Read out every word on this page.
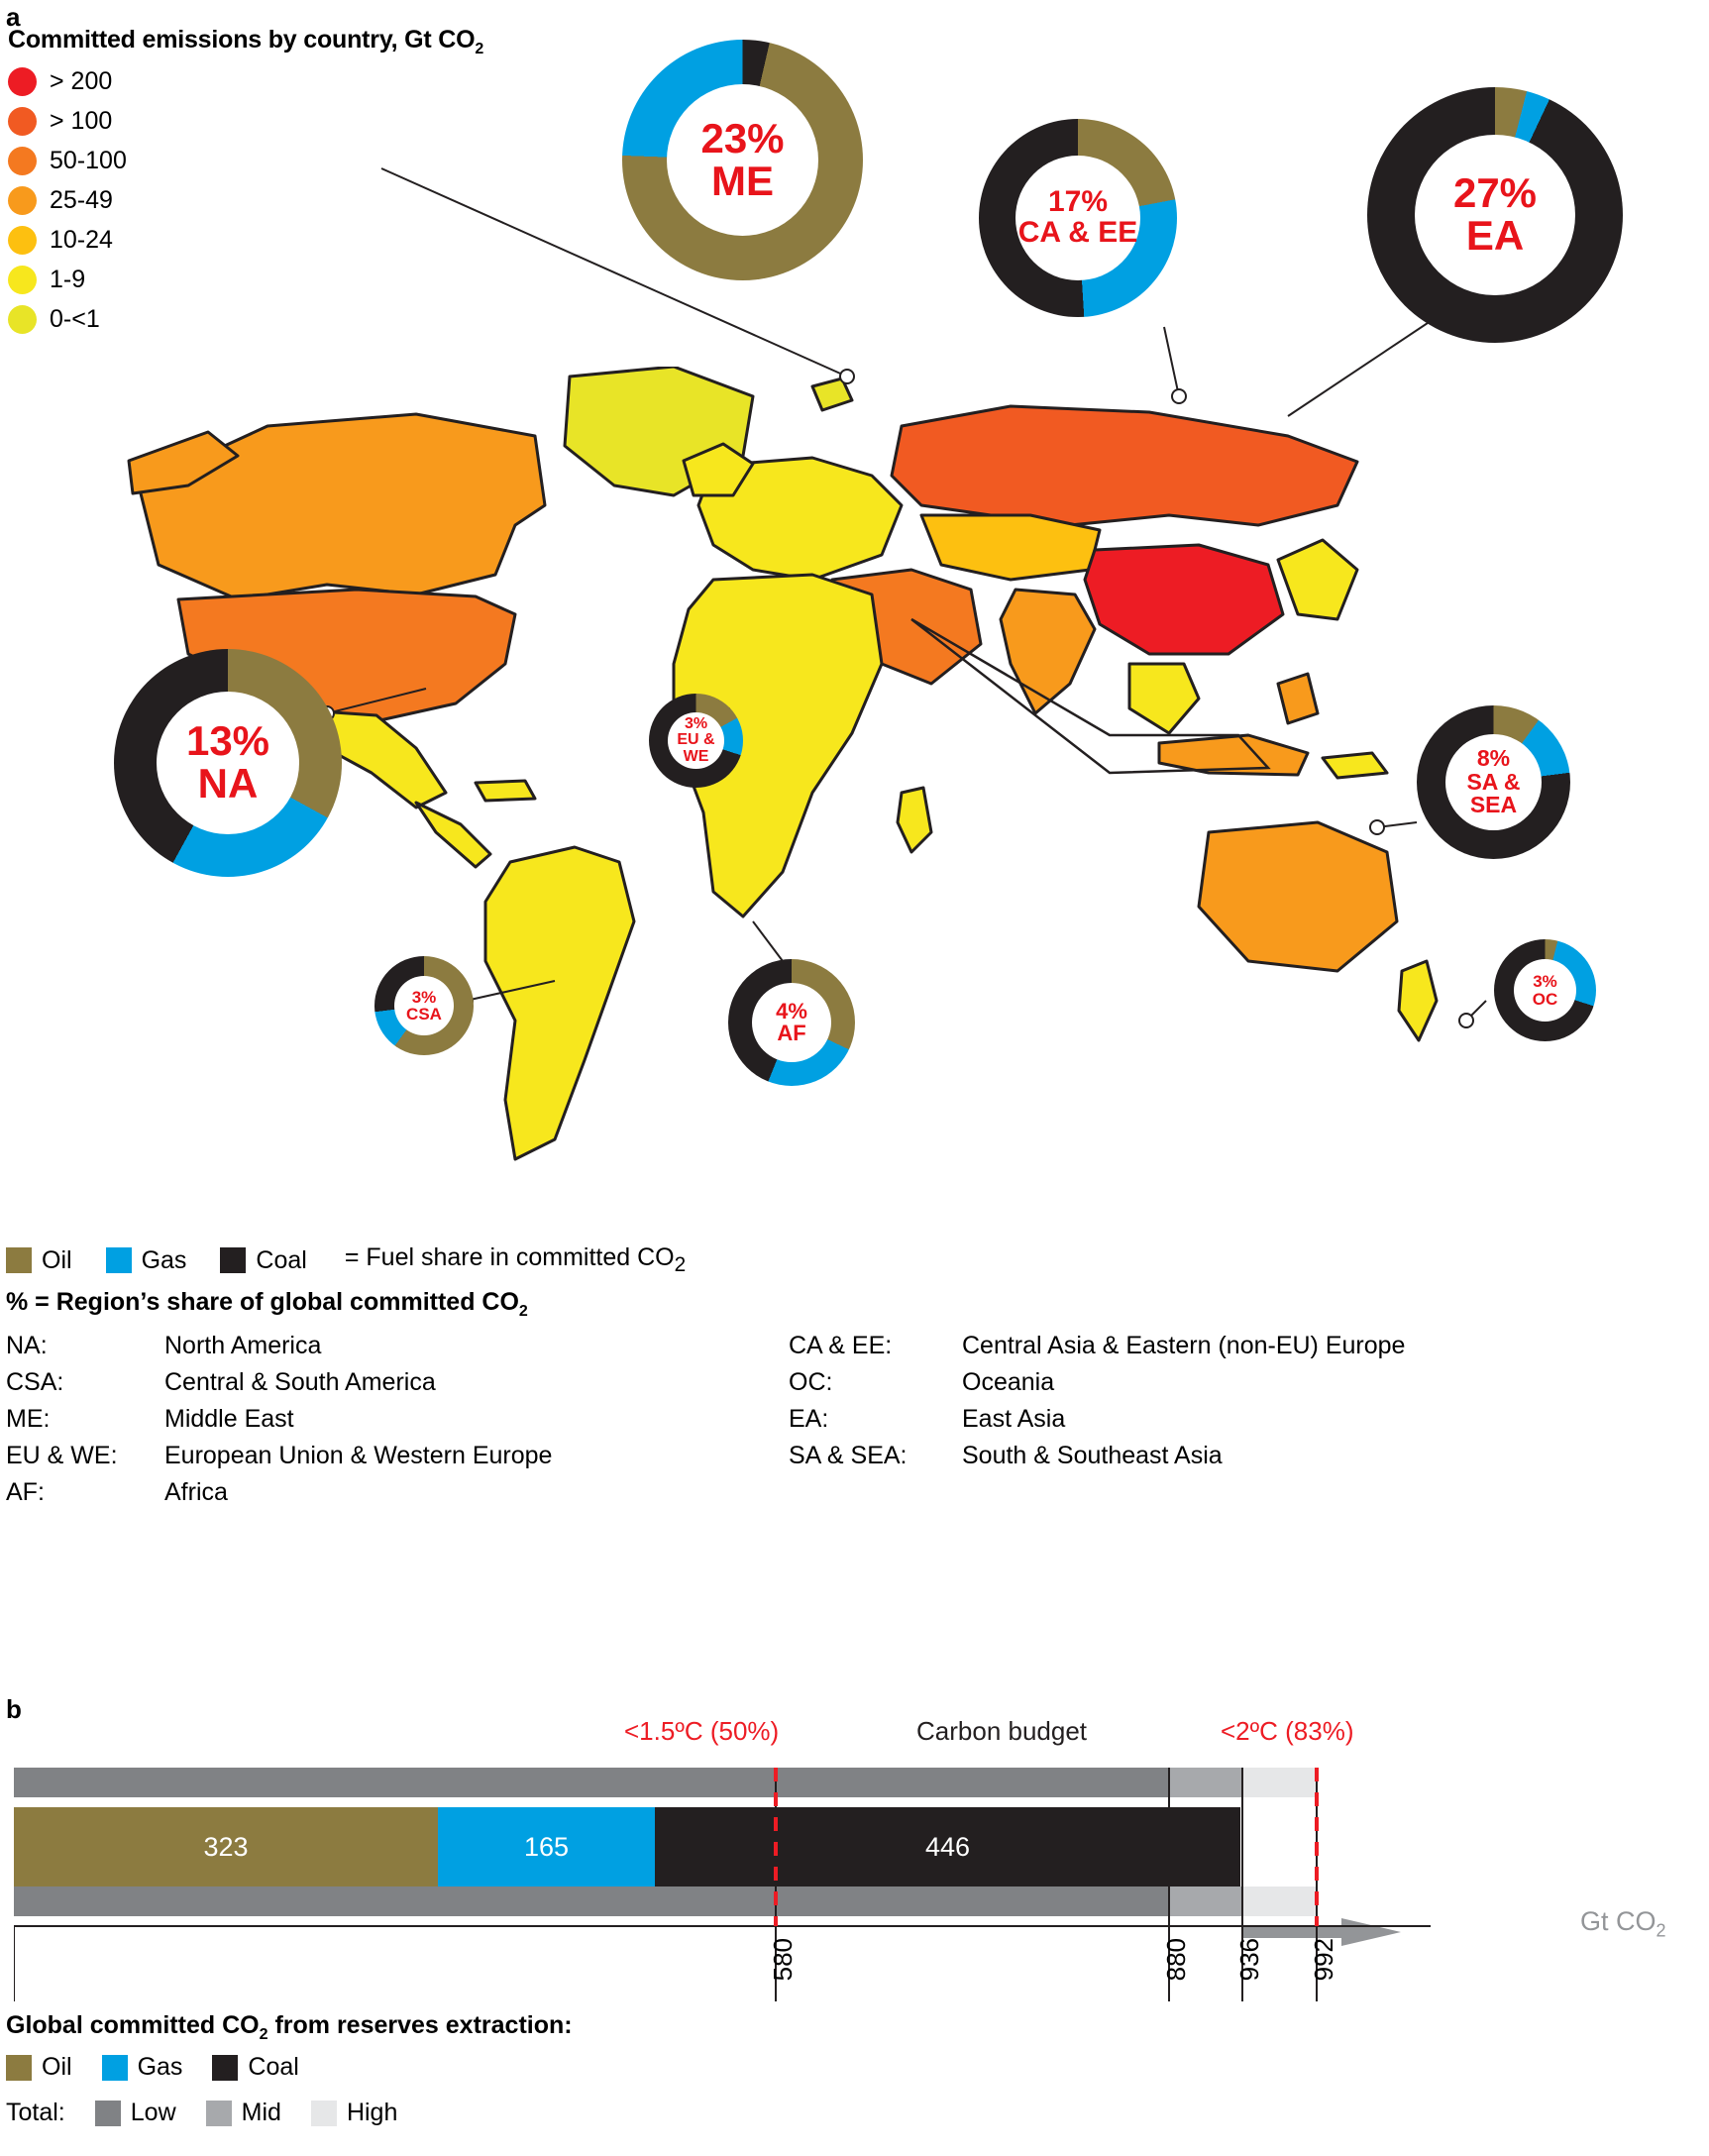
a
Committed emissions by country, Gt $CO_2$
> 200
> 100
50-100
25-49
10-24
1-9
0-<1
23%
ME	17%
CA & EE
27%
EA
13%
NA
3%
EU &
WE	8%
SA &
SEA
3%
CSA	4%
AF
3%
OC
Oil	Gas	Coal = Fuel share in committed $CO_2$
% = Region’s share of global committed $CO_2$
NA:	North America	CA & EE:	Central Asia & Eastern (non-EU) Europe
CSA:	Central & South America	OC:	Oceania
ME:	Middle East	EA:	East Asia
EU & WE:	European Union & Western Europe	SA & SEA:	South & Southeast Asia
AF:	Africa		
b
<1.5ºC (50%)	Carbon budget	<2ºC (83%)
323	165	446
580	880 936 992
Gt $CO_2$
Global committed $CO_2$ from reserves extraction:
Oil	Gas	Coal
Total:	Low	Mid	High
